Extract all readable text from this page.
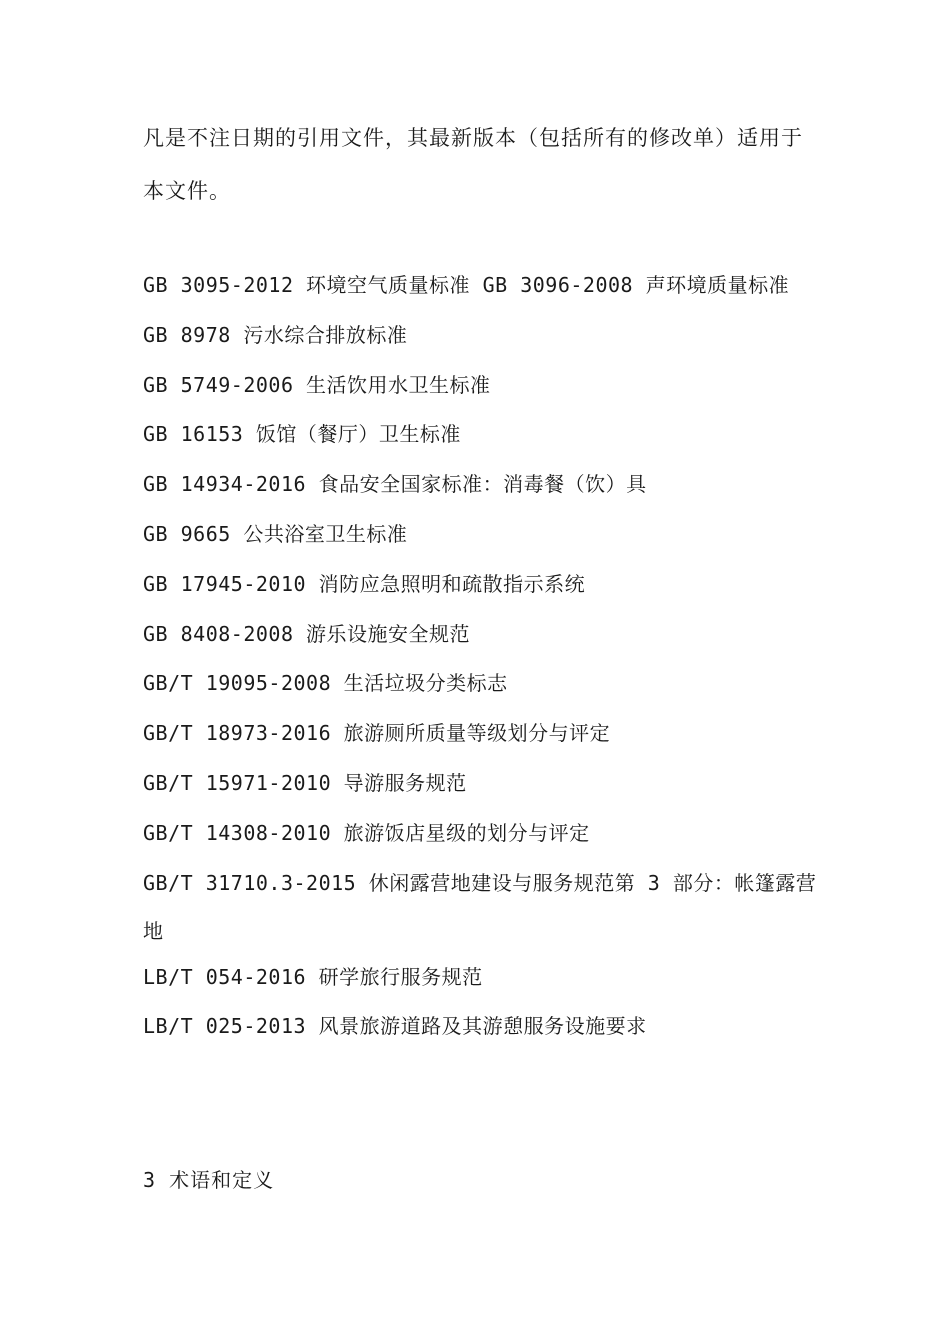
凡是不注日期的引用文件，其最新版本（包括所有的修改单）适用于本文件。

GB 3095-2012 环境空气质量标准 GB 3096-2008 声环境质量标准
GB 8978 污水综合排放标准
GB 5749-2006 生活饮用水卫生标准
GB 16153 饭馆（餐厅）卫生标准
GB 14934-2016 食品安全国家标准：消毒餐（饮）具
GB 9665 公共浴室卫生标准
GB 17945-2010 消防应急照明和疏散指示系统
GB 8408-2008 游乐设施安全规范
GB/T 19095-2008 生活垃圾分类标志
GB/T 18973-2016 旅游厕所质量等级划分与评定
GB/T 15971-2010 导游服务规范
GB/T 14308-2010 旅游饭店星级的划分与评定
GB/T 31710.3-2015 休闲露营地建设与服务规范第 3 部分：帐篷露营地
LB/T 054-2016 研学旅行服务规范
LB/T 025-2013 风景旅游道路及其游憩服务设施要求

3 术语和定义
